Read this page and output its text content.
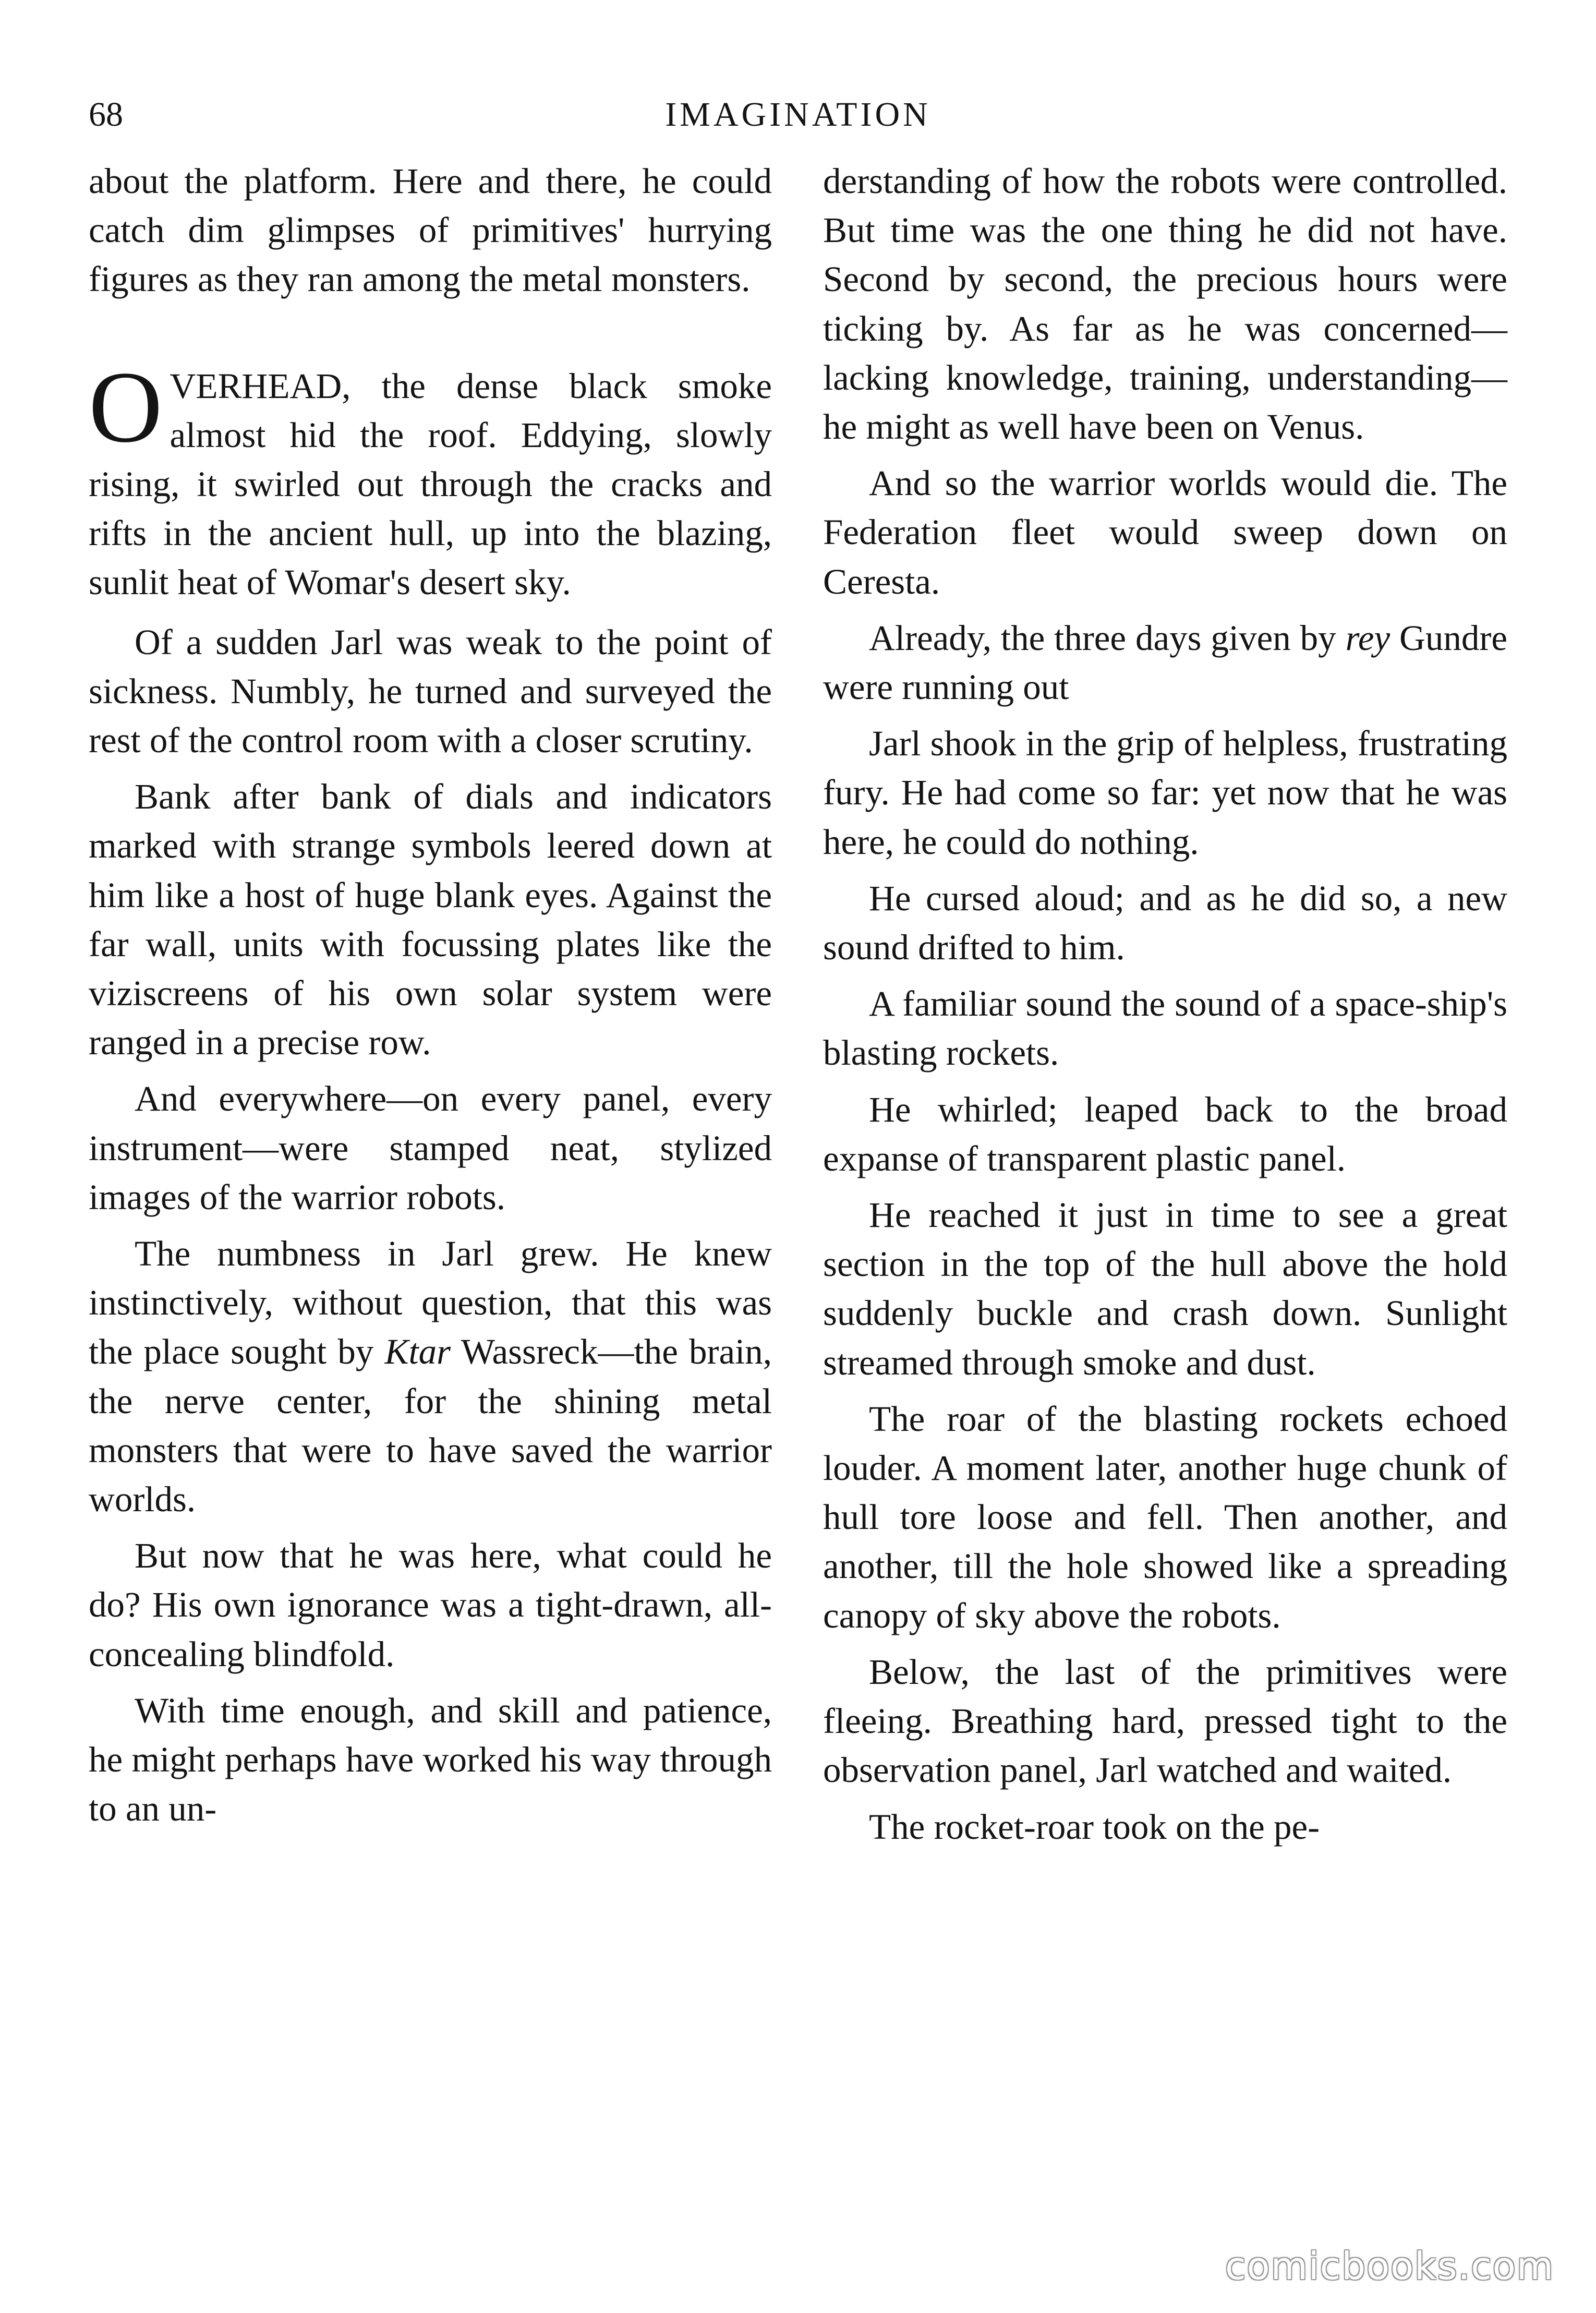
68	IMAGINATION

about the platform. Here and there, he could catch dim glimpses of primitives' hurrying figures as they ran among the metal monsters.

OVERHEAD, the dense black smoke almost hid the roof. Eddying, slowly rising, it swirled out through the cracks and rifts in the ancient hull, up into the blazing, sunlit heat of Womar's desert sky.

Of a sudden Jarl was weak to the point of sickness. Numbly, he turned and surveyed the rest of the control room with a closer scrutiny.

Bank after bank of dials and indicators marked with strange symbols leered down at him like a host of huge blank eyes. Against the far wall, units with focussing plates like the viziscreens of his own solar system were ranged in a precise row.

And everywhere—on every panel, every instrument—were stamped neat, stylized images of the warrior robots.

The numbness in Jarl grew. He knew instinctively, without question, that this was the place sought by Ktar Wassreck—the brain, the nerve center, for the shining metal monsters that were to have saved the warrior worlds.

But now that he was here, what could he do? His own ignorance was a tight-drawn, all-concealing blindfold.

With time enough, and skill and patience, he might perhaps have worked his way through to an un-

derstanding of how the robots were controlled. But time was the one thing he did not have. Second by second, the precious hours were ticking by. As far as he was concerned—lacking knowledge, training, understanding—he might as well have been on Venus.

And so the warrior worlds would die. The Federation fleet would sweep down on Ceresta.

Already, the three days given by rey Gundre were running out

Jarl shook in the grip of helpless, frustrating fury. He had come so far: yet now that he was here, he could do nothing.

He cursed aloud; and as he did so, a new sound drifted to him.

A familiar sound the sound of a space-ship's blasting rockets.

He whirled; leaped back to the broad expanse of transparent plastic panel.

He reached it just in time to see a great section in the top of the hull above the hold suddenly buckle and crash down. Sunlight streamed through smoke and dust.

The roar of the blasting rockets echoed louder. A moment later, another huge chunk of hull tore loose and fell. Then another, and another, till the hole showed like a spreading canopy of sky above the robots.

Below, the last of the primitives were fleeing. Breathing hard, pressed tight to the observation panel, Jarl watched and waited.

The rocket-roar took on the pe-

comicbooks.com
